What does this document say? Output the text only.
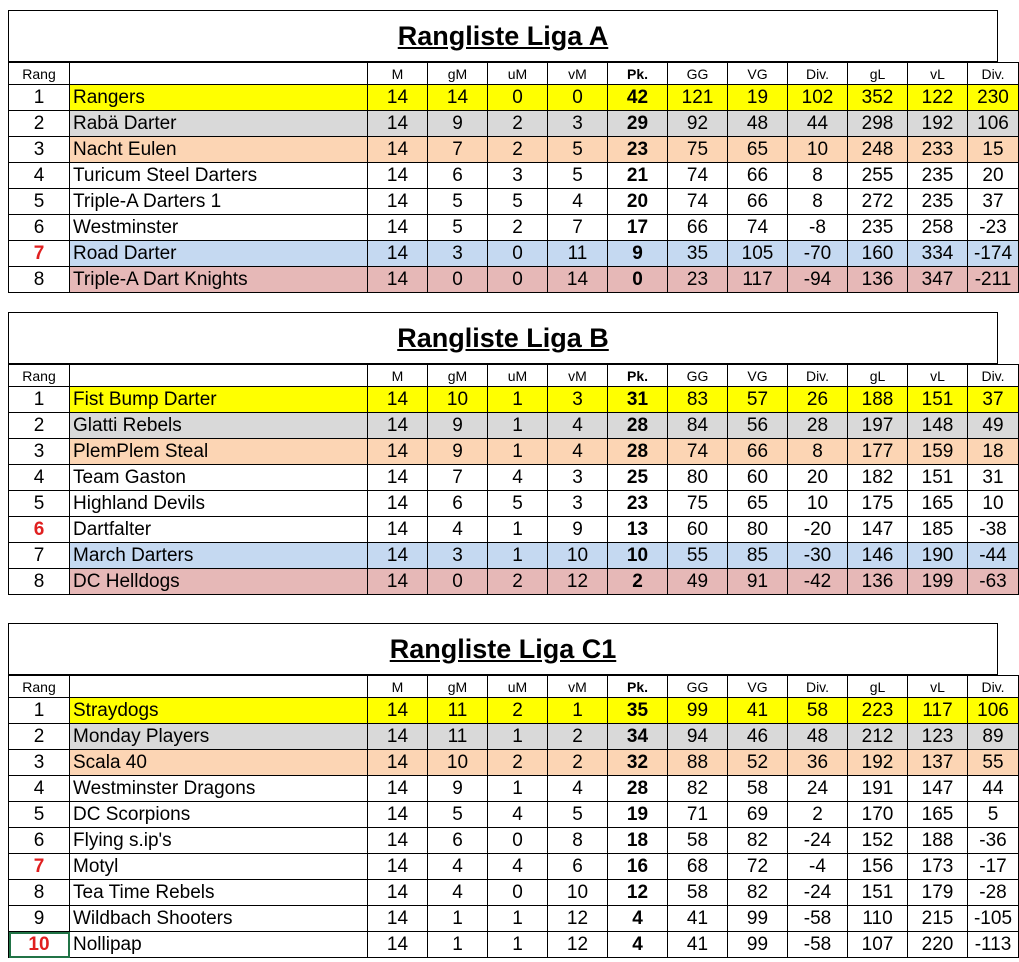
Rangliste Liga A
Rang		M	gM	uM	vM	Pk.	GG	VG	Div.	gL	vL	Div.
1	Rangers	14	14	0	0	42	121	19	102	352	122	230
2	Rabä Darter	14	9	2	3	29	92	48	44	298	192	106
3	Nacht Eulen	14	7	2	5	23	75	65	10	248	233	15
4	Turicum Steel Darters	14	6	3	5	21	74	66	8	255	235	20
5	Triple-A Darters 1	14	5	5	4	20	74	66	8	272	235	37
6	Westminster	14	5	2	7	17	66	74	-8	235	258	-23
7	Road Darter	14	3	0	11	9	35	105	-70	160	334	-174
8	Triple-A Dart Knights	14	0	0	14	0	23	117	-94	136	347	-211
Rangliste Liga B
Rang		M	gM	uM	vM	Pk.	GG	VG	Div.	gL	vL	Div.
1	Fist Bump Darter	14	10	1	3	31	83	57	26	188	151	37
2	Glatti Rebels	14	9	1	4	28	84	56	28	197	148	49
3	PlemPlem Steal	14	9	1	4	28	74	66	8	177	159	18
4	Team Gaston	14	7	4	3	25	80	60	20	182	151	31
5	Highland Devils	14	6	5	3	23	75	65	10	175	165	10
6	Dartfalter	14	4	1	9	13	60	80	-20	147	185	-38
7	March Darters	14	3	1	10	10	55	85	-30	146	190	-44
8	DC Helldogs	14	0	2	12	2	49	91	-42	136	199	-63
Rangliste Liga C1
Rang		M	gM	uM	vM	Pk.	GG	VG	Div.	gL	vL	Div.
1	Straydogs	14	11	2	1	35	99	41	58	223	117	106
2	Monday Players	14	11	1	2	34	94	46	48	212	123	89
3	Scala 40	14	10	2	2	32	88	52	36	192	137	55
4	Westminster Dragons	14	9	1	4	28	82	58	24	191	147	44
5	DC Scorpions	14	5	4	5	19	71	69	2	170	165	5
6	Flying s.ip's	14	6	0	8	18	58	82	-24	152	188	-36
7	Motyl	14	4	4	6	16	68	72	-4	156	173	-17
8	Tea Time Rebels	14	4	0	10	12	58	82	-24	151	179	-28
9	Wildbach Shooters	14	1	1	12	4	41	99	-58	110	215	-105
10	Nollipap	14	1	1	12	4	41	99	-58	107	220	-113
